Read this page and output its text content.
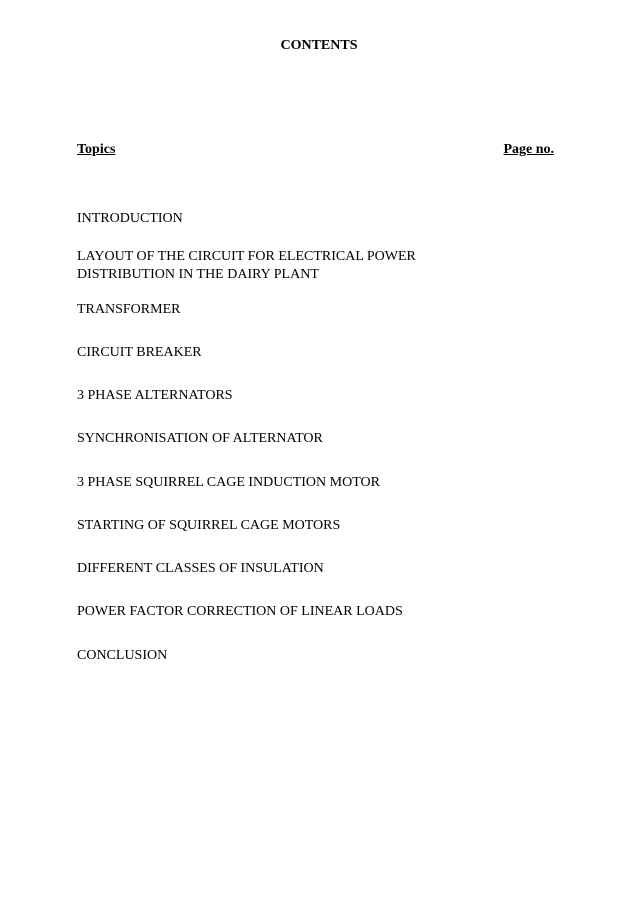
CONTENTS
Topics	Page no.
INTRODUCTION
LAYOUT OF THE CIRCUIT FOR ELECTRICAL POWER
DISTRIBUTION IN THE DAIRY PLANT
TRANSFORMER
CIRCUIT BREAKER
3 PHASE ALTERNATORS
SYNCHRONISATION OF ALTERNATOR
3 PHASE SQUIRREL CAGE INDUCTION MOTOR
STARTING OF SQUIRREL CAGE MOTORS
DIFFERENT CLASSES OF INSULATION
POWER FACTOR CORRECTION OF LINEAR LOADS
CONCLUSION
